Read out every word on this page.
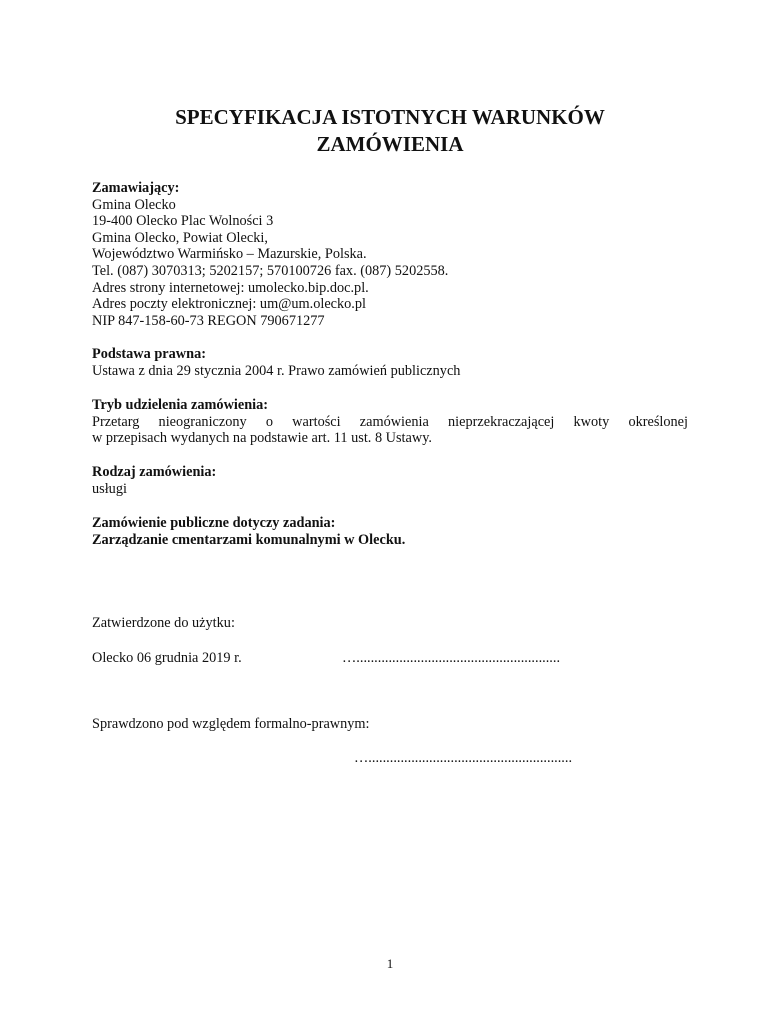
SPECYFIKACJA ISTOTNYCH WARUNKÓW
ZAMÓWIENIA
Zamawiający:
Gmina Olecko
19-400 Olecko Plac Wolności 3
Gmina Olecko, Powiat Olecki,
Województwo Warmińsko – Mazurskie, Polska.
Tel. (087) 3070313; 5202157; 570100726 fax. (087) 5202558.
Adres strony internetowej: umolecko.bip.doc.pl.
Adres poczty elektronicznej: um@um.olecko.pl
NIP 847-158-60-73 REGON 790671277
Podstawa prawna:
Ustawa z dnia 29 stycznia 2004 r. Prawo zamówień publicznych
Tryb udzielenia zamówienia:
Przetarg nieograniczony o wartości zamówienia nieprzekraczającej kwoty określonej
w przepisach wydanych na podstawie art. 11 ust. 8 Ustawy.
Rodzaj zamówienia:
usługi
Zamówienie publiczne dotyczy zadania:
Zarządzanie cmentarzami komunalnymi w Olecku.
Zatwierdzone do użytku:
Olecko 06 grudnia 2019 r.	….........................................................
Sprawdzono pod względem formalno-prawnym:
….........................................................
1
